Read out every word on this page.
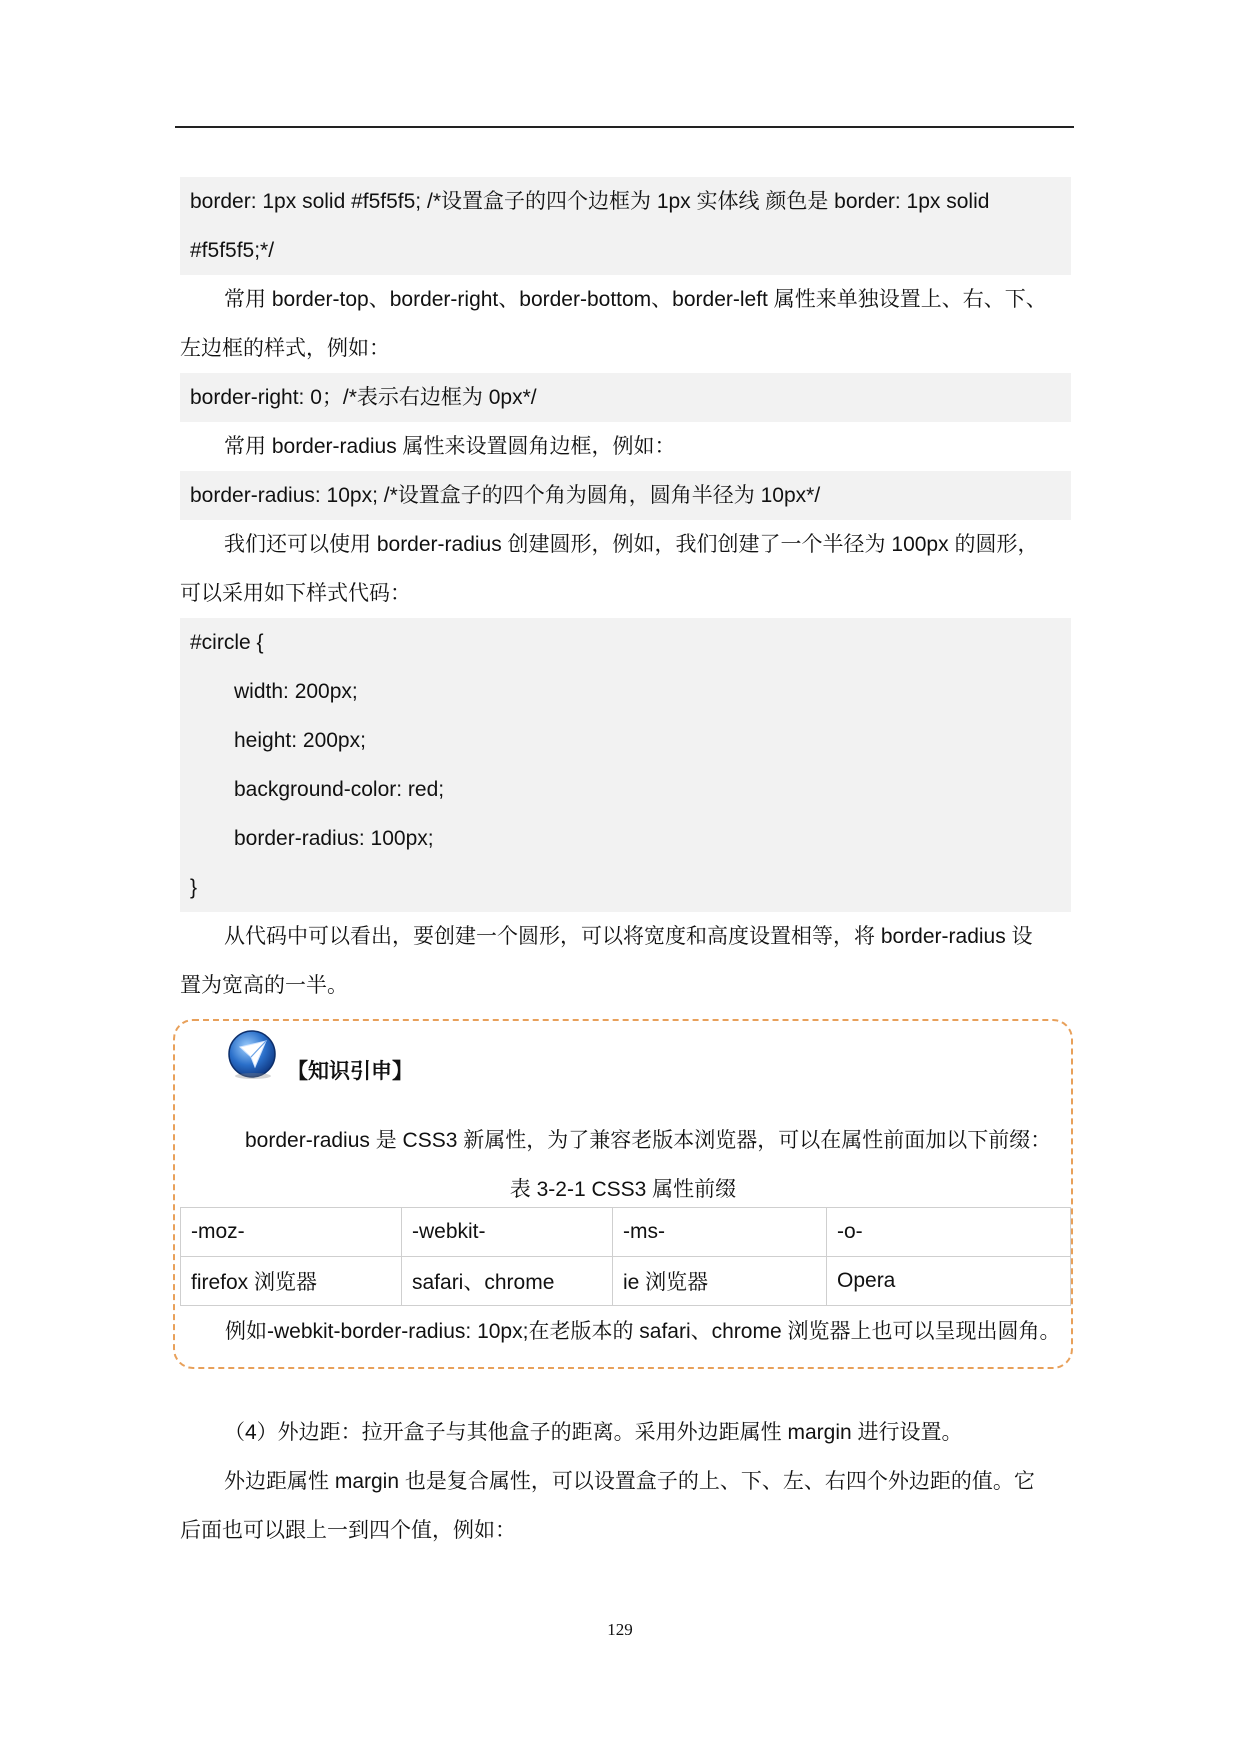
border: 1px solid #f5f5f5; /*设置盒子的四个边框为 1px 实体线 颜色是 border: 1px solid
#f5f5f5;*/
常用 border-top、border-right、border-bottom、border-left 属性来单独设置上、右、下、
左边框的样式，例如：
border-right: 0；/*表示右边框为 0px*/
常用 border-radius 属性来设置圆角边框，例如：
border-radius: 10px; /*设置盒子的四个角为圆角，圆角半径为 10px*/
我们还可以使用 border-radius 创建圆形，例如，我们创建了一个半径为 100px 的圆形，
可以采用如下样式代码：
#circle {
width: 200px;
height: 200px;
background-color: red;
border-radius: 100px;
}
从代码中可以看出，要创建一个圆形，可以将宽度和高度设置相等，将 border-radius 设
置为宽高的一半。
【知识引申】
border-radius 是 CSS3 新属性，为了兼容老版本浏览器，可以在属性前面加以下前缀：
表 3-2-1 CSS3 属性前缀
-moz-	-webkit-	-ms-	-o-
firefox 浏览器	safari、chrome	ie 浏览器	Opera
例如-webkit-border-radius: 10px;在老版本的 safari、chrome 浏览器上也可以呈现出圆角。
（4）外边距：拉开盒子与其他盒子的距离。采用外边距属性 margin 进行设置。
外边距属性 margin 也是复合属性，可以设置盒子的上、下、左、右四个外边距的值。它
后面也可以跟上一到四个值，例如：
129
